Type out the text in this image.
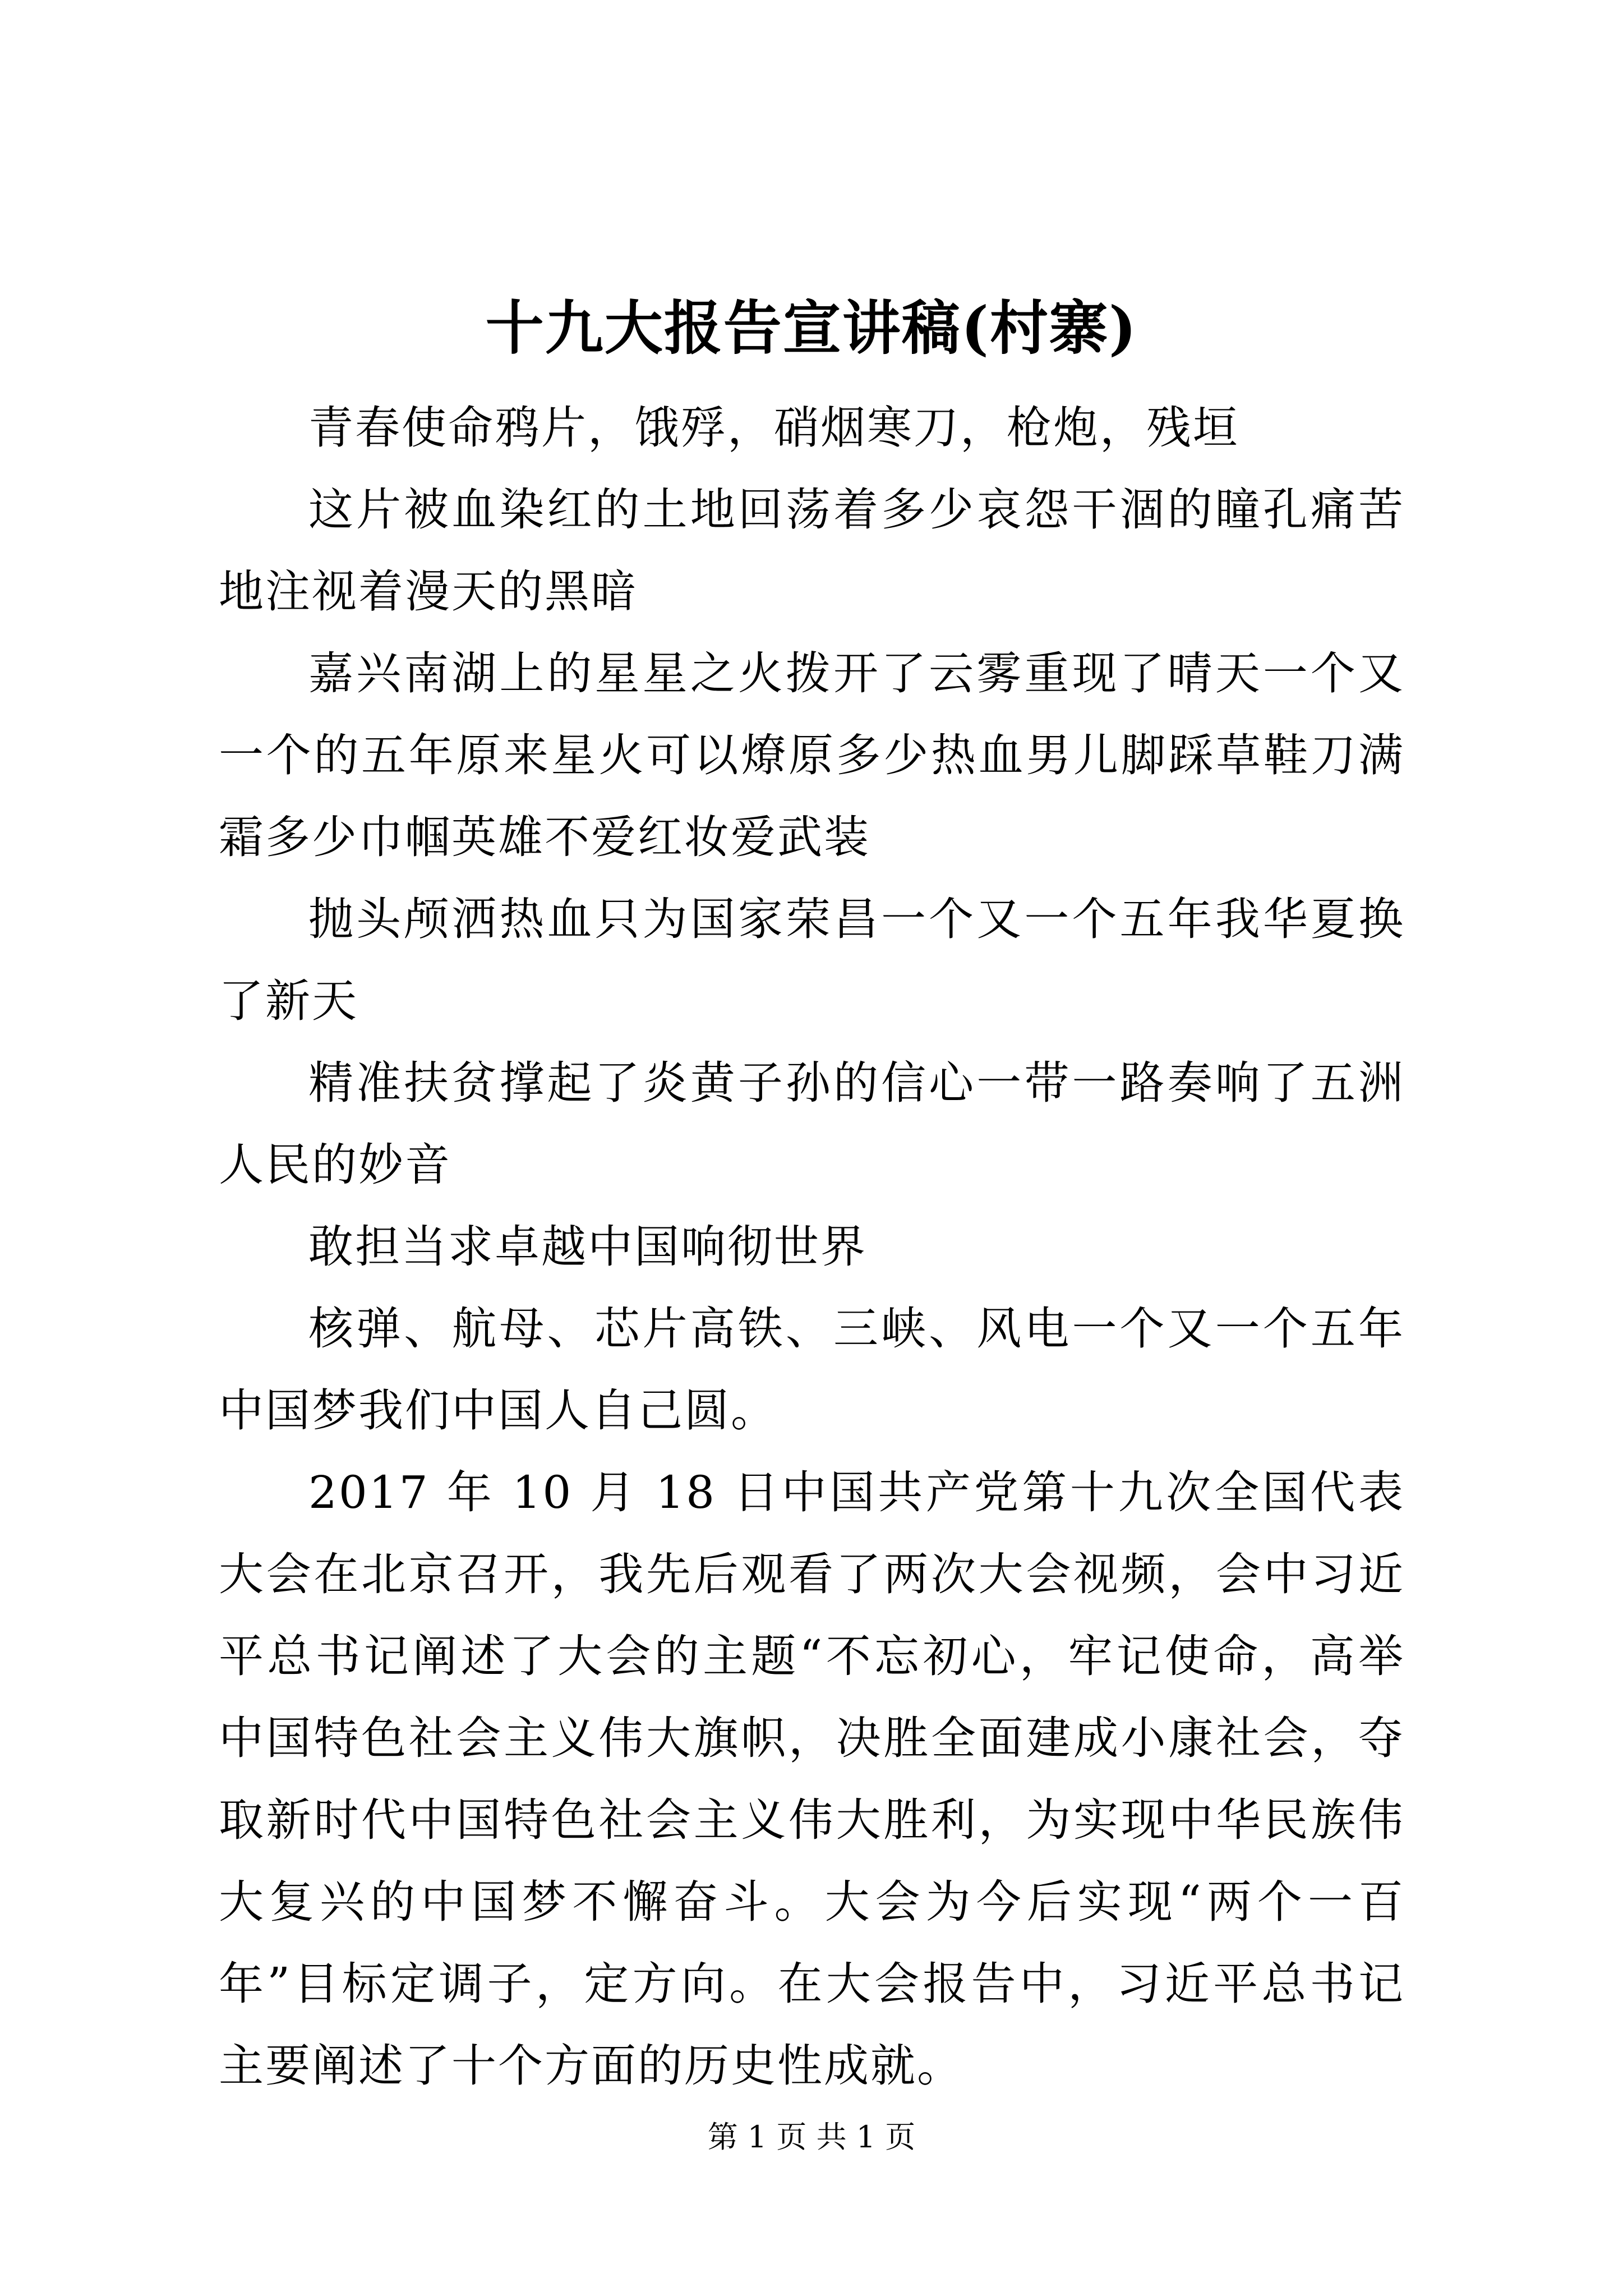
十九大报告宣讲稿(村寨)

青春使命鸦片，饿殍，硝烟寒刀，枪炮，残垣

这片被血染红的土地回荡着多少哀怨干涸的瞳孔痛苦地注视着漫天的黑暗

嘉兴南湖上的星星之火拨开了云雾重现了晴天一个又一个的五年原来星火可以燎原多少热血男儿脚踩草鞋刀满霜多少巾帼英雄不爱红妆爱武装

抛头颅洒热血只为国家荣昌一个又一个五年我华夏换了新天

精准扶贫撑起了炎黄子孙的信心一带一路奏响了五洲人民的妙音

敢担当求卓越中国响彻世界

核弹、航母、芯片高铁、三峡、风电一个又一个五年中国梦我们中国人自己圆。

2017 年 10 月 18 日中国共产党第十九次全国代表大会在北京召开，我先后观看了两次大会视频，会中习近平总书记阐述了大会的主题“不忘初心，牢记使命，高举中国特色社会主义伟大旗帜，决胜全面建成小康社会，夺取新时代中国特色社会主义伟大胜利，为实现中华民族伟大复兴的中国梦不懈奋斗。大会为今后实现“两个一百年”目标定调子，定方向。在大会报告中，习近平总书记主要阐述了十个方面的历史性成就。

第 1 页 共 1 页
